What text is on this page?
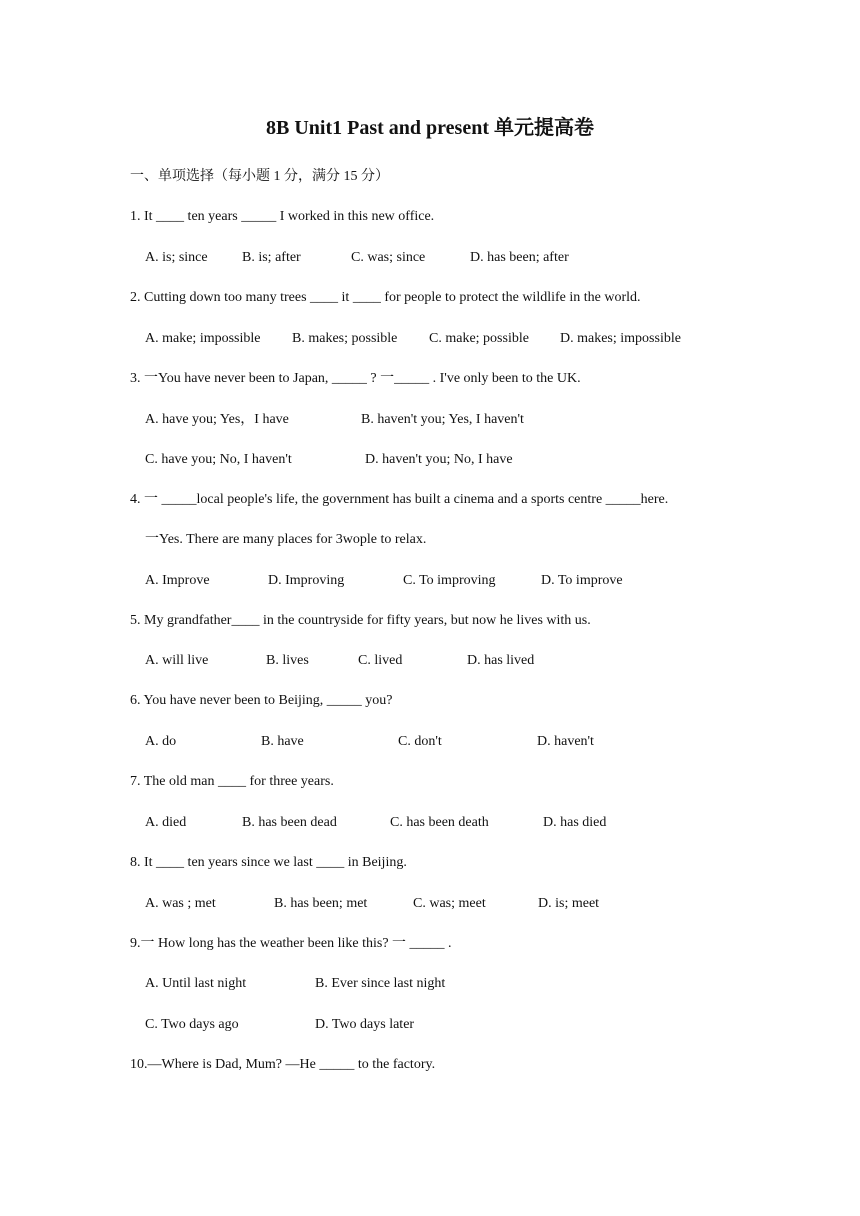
8B Unit1 Past and present 单元提高卷
一、单项选择（每小题 1 分，满分 15 分）
1. It ____ ten years _____ I worked in this new office.
A. is; since B. is; after	C. was; since	D. has been; after
2. Cutting down too many trees ____ it ____ for people to protect the wildlife in the world.
A. make; impossible B. makes; possible C. make; possible D. makes; impossible
3. 一You have never been to Japan, _____ ? 一_____ . I've only been to the UK.
A. have you; Yes，I have	B. haven't you; Yes, I haven't
C. have you; No, I haven't	D. haven't you; No, I have
4. 一 _____local people's life, the government has built a cinema and a sports centre _____here.
一Yes. There are many places for 3wople to relax.
A. Improve	D. Improving	C. To improving	D. To improve
5. My grandfather____ in the countryside for fifty years, but now he lives with us.
A. will live	B. lives	C. lived	D. has lived
6. You have never been to Beijing, _____ you?
A. do	B. have	C. don't	D. haven't
7. The old man ____ for three years.
A. died	B. has been dead	C. has been death	D. has died
8. It ____ ten years since we last ____ in Beijing.
A. was ; met	B. has been; met	C. was; meet	D. is; meet
9.一 How long has the weather been like this? 一 _____ .
A. Until last night	B. Ever since last night
C. Two days ago	D. Two days later
10.—Where is Dad, Mum? —He _____ to the factory.
